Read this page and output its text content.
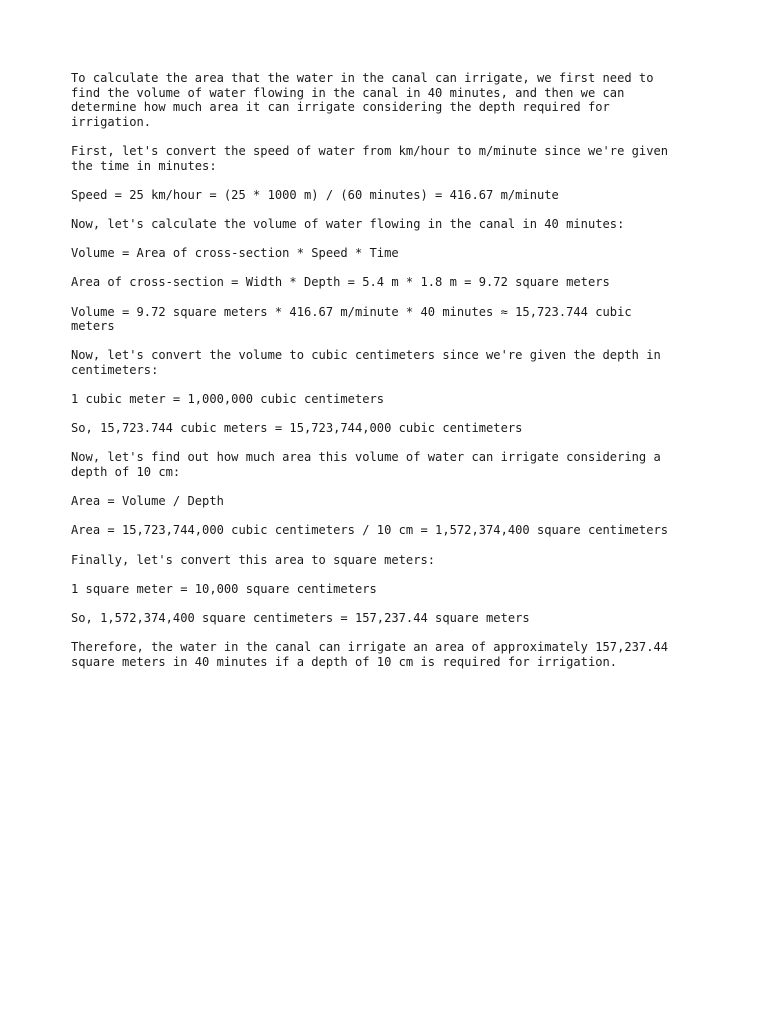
To calculate the area that the water in the canal can irrigate, we first need to
find the volume of water flowing in the canal in 40 minutes, and then we can
determine how much area it can irrigate considering the depth required for
irrigation.

First, let's convert the speed of water from km/hour to m/minute since we're given
the time in minutes:

Speed = 25 km/hour = (25 * 1000 m) / (60 minutes) = 416.67 m/minute

Now, let's calculate the volume of water flowing in the canal in 40 minutes:

Volume = Area of cross-section * Speed * Time

Area of cross-section = Width * Depth = 5.4 m * 1.8 m = 9.72 square meters

Volume = 9.72 square meters * 416.67 m/minute * 40 minutes ≈ 15,723.744 cubic
meters

Now, let's convert the volume to cubic centimeters since we're given the depth in
centimeters:

1 cubic meter = 1,000,000 cubic centimeters

So, 15,723.744 cubic meters = 15,723,744,000 cubic centimeters

Now, let's find out how much area this volume of water can irrigate considering a
depth of 10 cm:

Area = Volume / Depth

Area = 15,723,744,000 cubic centimeters / 10 cm = 1,572,374,400 square centimeters

Finally, let's convert this area to square meters:

1 square meter = 10,000 square centimeters

So, 1,572,374,400 square centimeters = 157,237.44 square meters

Therefore, the water in the canal can irrigate an area of approximately 157,237.44
square meters in 40 minutes if a depth of 10 cm is required for irrigation.
